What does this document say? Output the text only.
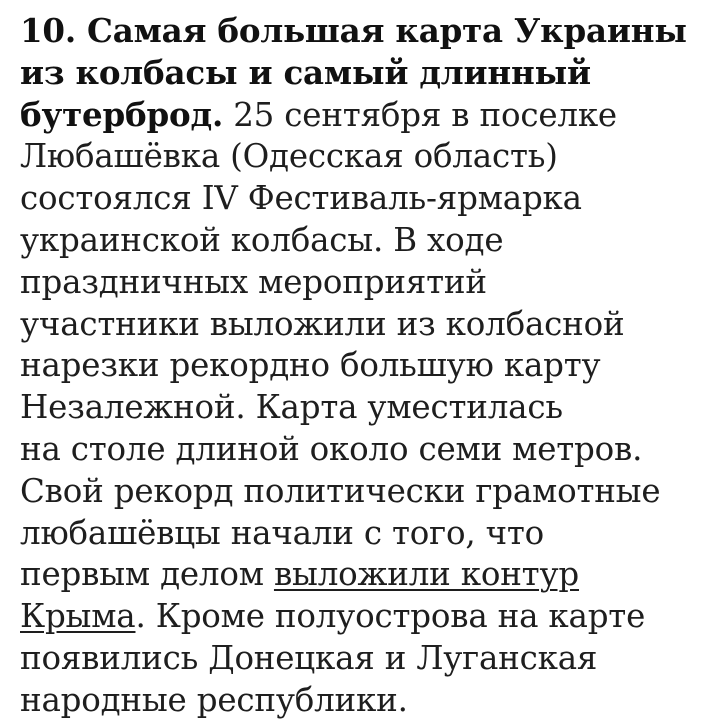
10. Самая большая карта Украины
из колбасы и самый длинный
бутерброд. 25 сентября в поселке
Любашёвка (Одесская область)
состоялся IV Фестиваль-ярмарка
украинской колбасы. В ходе
праздничных мероприятий
участники выложили из колбасной
нарезки рекордно большую карту
Незалежной. Карта уместилась
на столе длиной около семи метров.
Свой рекорд политически грамотные
любашёвцы начали с того, что
первым делом выложили контур
Крыма. Кроме полуострова на карте
появились Донецкая и Луганская
народные республики.
